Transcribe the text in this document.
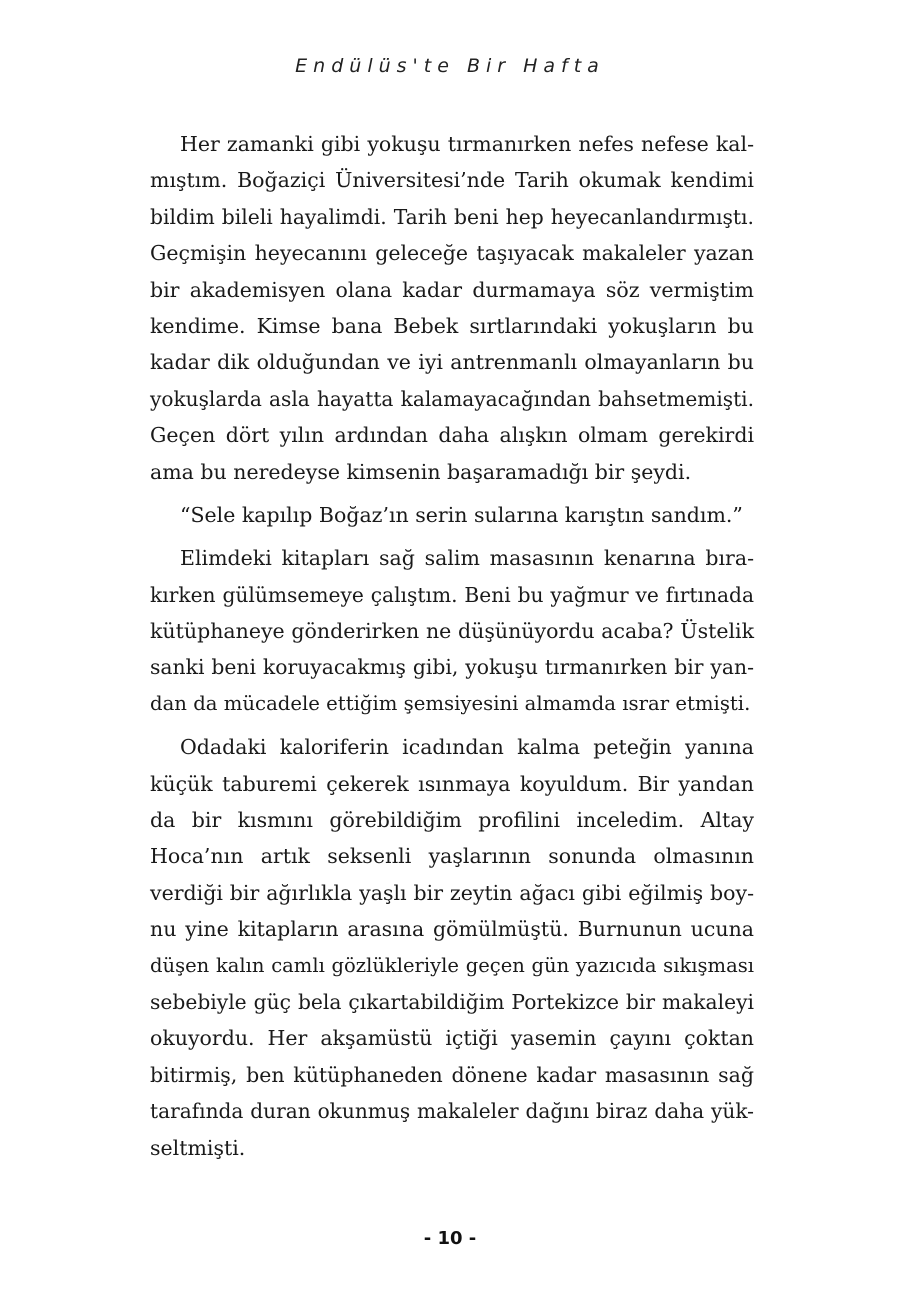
Endülüs'te Bir Hafta
Her zamanki gibi yokuşu tırmanırken nefes nefese kal-
mıştım. Boğaziçi Üniversitesi’nde Tarih okumak kendimi
bildim bileli hayalimdi. Tarih beni hep heyecanlandırmıştı.
Geçmişin heyecanını geleceğe taşıyacak makaleler yazan
bir akademisyen olana kadar durmamaya söz vermiştim
kendime. Kimse bana Bebek sırtlarındaki yokuşların bu
kadar dik olduğundan ve iyi antrenmanlı olmayanların bu
yokuşlarda asla hayatta kalamayacağından bahsetmemişti.
Geçen dört yılın ardından daha alışkın olmam gerekirdi
ama bu neredeyse kimsenin başaramadığı bir şeydi.
“Sele kapılıp Boğaz’ın serin sularına karıştın sandım.”
Elimdeki kitapları sağ salim masasının kenarına bıra-
kırken gülümsemeye çalıştım. Beni bu yağmur ve fırtınada
kütüphaneye gönderirken ne düşünüyordu acaba? Üstelik
sanki beni koruyacakmış gibi, yokuşu tırmanırken bir yan-
dan da mücadele ettiğim şemsiyesini almamda ısrar etmişti.
Odadaki kaloriferin icadından kalma peteğin yanına
küçük taburemi çekerek ısınmaya koyuldum. Bir yandan
da bir kısmını görebildiğim profilini inceledim. Altay
Hoca’nın artık seksenli yaşlarının sonunda olmasının
verdiği bir ağırlıkla yaşlı bir zeytin ağacı gibi eğilmiş boy-
nu yine kitapların arasına gömülmüştü. Burnunun ucuna
düşen kalın camlı gözlükleriyle geçen gün yazıcıda sıkışması
sebebiyle güç bela çıkartabildiğim Portekizce bir makaleyi
okuyordu. Her akşamüstü içtiği yasemin çayını çoktan
bitirmiş, ben kütüphaneden dönene kadar masasının sağ
tarafında duran okunmuş makaleler dağını biraz daha yük-
seltmişti.
- 10 -
